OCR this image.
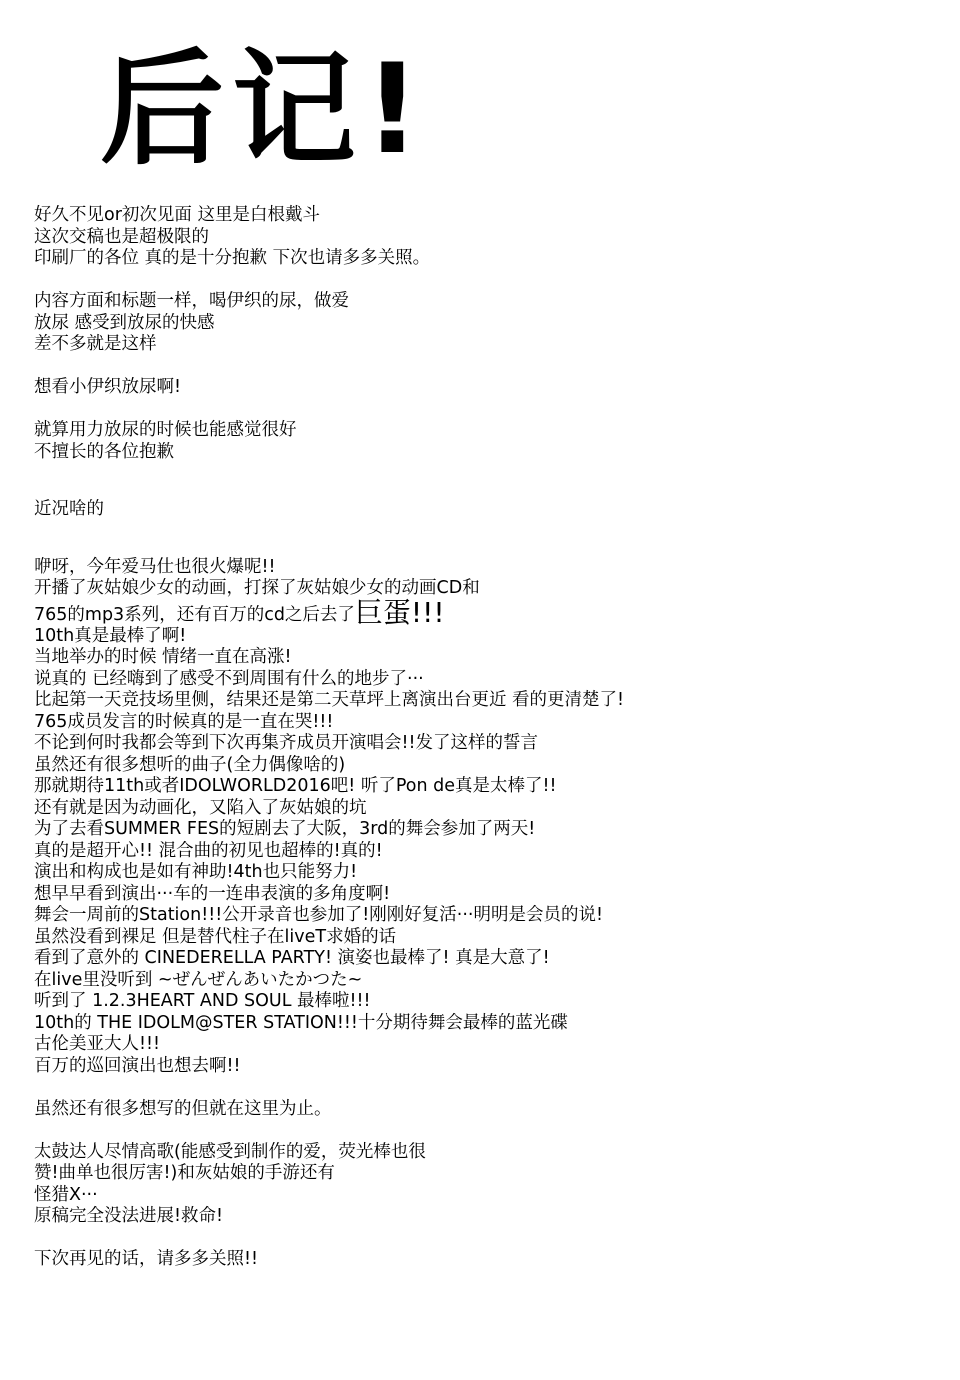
后记!
好久不见or初次见面 这里是白根戴斗
这次交稿也是超极限的
印刷厂的各位 真的是十分抱歉 下次也请多多关照。
内容方面和标题一样，喝伊织的尿，做爱
放尿 感受到放尿的快感
差不多就是这样
想看小伊织放尿啊!
就算用力放尿的时候也能感觉很好
不擅长的各位抱歉
近况啥的
咿呀，今年爱马仕也很火爆呢!!
开播了灰姑娘少女的动画，打探了灰姑娘少女的动画CD和
765的mp3系列，还有百万的cd之后去了巨蛋!!!
10th真是最棒了啊!
当地举办的时候 情绪一直在高涨!
说真的 已经嗨到了感受不到周围有什么的地步了···
比起第一天竞技场里侧，结果还是第二天草坪上离演出台更近 看的更清楚了!
765成员发言的时候真的是一直在哭!!!
不论到何时我都会等到下次再集齐成员开演唱会!!发了这样的誓言
虽然还有很多想听的曲子(全力偶像啥的)
那就期待11th或者IDOLWORLD2016吧! 听了Pon de真是太棒了!!
还有就是因为动画化，又陷入了灰姑娘的坑
为了去看SUMMER FES的短剧去了大阪，3rd的舞会参加了两天!
真的是超开心!! 混合曲的初见也超棒的!真的!
演出和构成也是如有神助!4th也只能努力!
想早早看到演出···车的一连串表演的多角度啊!
舞会一周前的Station!!!公开录音也参加了!刚刚好复活···明明是会员的说!
虽然没看到裸足 但是替代柱子在liveT求婚的话
看到了意外的 CINEDERELLA PARTY! 演姿也最棒了! 真是大意了!
在live里没听到 ~ぜんぜんあいたかつた~
听到了 1.2.3HEART AND SOUL 最棒啦!!!
10th的 THE IDOLM@STER STATION!!!十分期待舞会最棒的蓝光碟
古伦美亚大人!!!
百万的巡回演出也想去啊!!
虽然还有很多想写的但就在这里为止。
太鼓达人尽情高歌(能感受到制作的爱，荧光棒也很
赞!曲单也很厉害!)和灰姑娘的手游还有
怪猎X···
原稿完全没法进展!救命!
下次再见的话，请多多关照!!
